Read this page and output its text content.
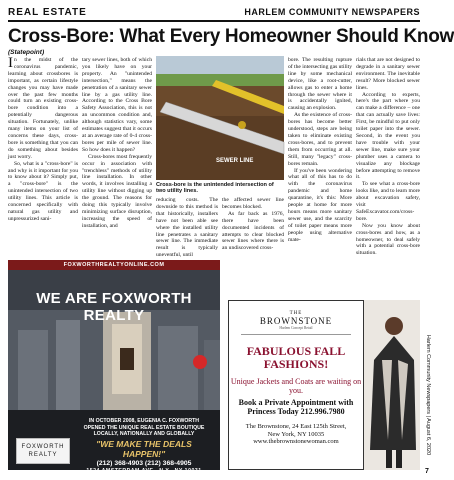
REAL ESTATE	HARLEM COMMUNITY NEWSPAPERS
Cross-Bore: What Every Homeowner Should Know
(Statepoint)

In the midst of the coronavirus pandemic, learning about crossbores is important, as certain lifestyle changes you may have made over the past few months could turn an existing cross-bore condition into a potentially dangerous situation. Fortunately, unlike many items on your list of concerns these days, cross-bore is something that you can do something about besides just worry.

So, what is a "cross-bore" is and why is it important for you to know about it? Simply put, a "cross-bore" is the unintended intersection of two utility lines. This article is concerned specifically with natural gas utility and unpressurized sani-

tary sewer lines, both of which you likely have on your property. An "unintended intersection," means the penetration of a sanitary sewer line by a gas utility line. According to the Cross Bore Safety Association, this is not an uncommon condition and, although statistics vary, some estimates suggest that it occurs at an average rate of 0-4 cross-bores per mile of sewer line. So how does it happen?

Cross-bores most frequently occur in association with "trenchless" methods of utility line installation. In other words, it involves installing a utility line without digging up the ground. The reasons for doing this typically involve minimizing surface disruption, increasing the speed of installation, and

SEWER LINE
Cross-bore is the unintended intersection of two utility lines.

reducing costs. The downside to this method is that historically, installers have not been able see where the installed utility line penetrates a sanitary sewer line. The immediate result is typically uneventful, until

the affected sewer line becomes blocked.

As far back as 1976, there have been documented incidents of attempts to clear blocked sewer lines where there is an undiscovered cross-

bore. The resulting rupture of the intersecting gas utility line by some mechanical device, like a root-cutter, allows gas to enter a home through the sewer where it is accidentally ignited, causing an explosion.

As the existence of cross-bores has become better understood, steps are being taken to eliminate existing cross-bores, and to prevent them from occurring at all. Still, many "legacy" cross-bores remain.

If you've been wondering what all of this has to do with the coronavirus pandemic and home quarantine, it's this: More people at home for more hours means more sanitary sewer use, and the scarcity of toilet paper means more people using alternative mate-

rials that are not designed to degrade in a sanitary sewer environment. The inevitable result? More blocked sewer lines.

According to experts, here's the part where you can make a difference – one that can actually save lives: First, be mindful to put only toilet paper into the sewer. Second, in the event you have trouble with your sewer line, make sure your plumber uses a camera to visualize any blockage before attempting to remove it.

To see what a cross-bore looks like, and to learn more about excavation safety, visit SafeExcavator.com/cross-bore.

Now you know about cross-bores and how, as a homeowner, to deal safely with a potential cross-bore situation.

FOXWORTHREALTYONLINE.COM
WE ARE FOXWORTH REALTY
FOXWORTH
REALTY
IN OCTOBER 2008, EUGENIA C. FOXWORTH
OPENED THE UNIQUE REAL ESTATE BOUTIQUE
LOCALLY, NATIONALLY AND GLOBALLY
"WE MAKE THE DEALS HAPPEN!"
(212) 368-4903 (212) 368-4905
1524 AMSTERDAM AVE., N.Y., NY 10031
THE
BROWNSTONE
Harlem Concept Retail
FABULOUS FALL FASHIONS!
Unique Jackets and Coats are waiting on you.
Book a Private Appointment with Princess Today 212.996.7980
The Brownstone, 24 East 125th Street,
New York, NY 10035
www.thebrownstonewoman.com	Harlem Community Newspapers | August 6, 2020
7
